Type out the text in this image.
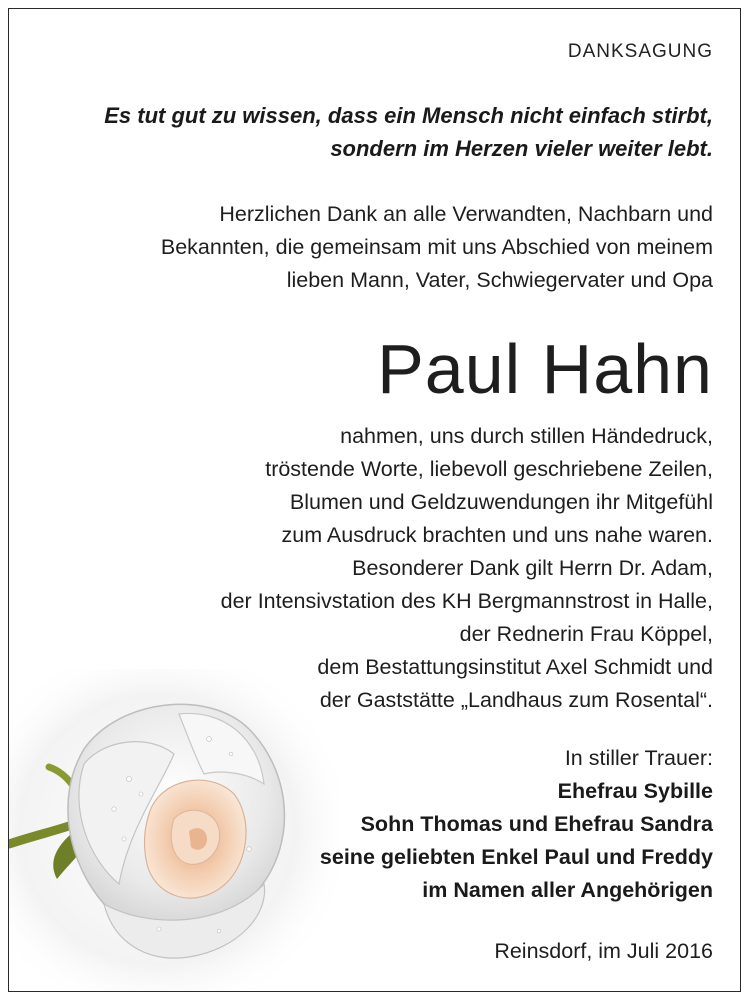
DANKSAGUNG
Es tut gut zu wissen, dass ein Mensch nicht einfach stirbt,
sondern im Herzen vieler weiter lebt.
Herzlichen Dank an alle Verwandten, Nachbarn und
Bekannten, die gemeinsam mit uns Abschied von meinem
lieben Mann, Vater, Schwiegervater und Opa
Paul Hahn
nahmen, uns durch stillen Händedruck,
tröstende Worte, liebevoll geschriebene Zeilen,
Blumen und Geldzuwendungen ihr Mitgefühl
zum Ausdruck brachten und uns nahe waren.
Besonderer Dank gilt Herrn Dr. Adam,
der Intensivstation des KH Bergmannstrost in Halle,
der Rednerin Frau Köppel,
dem Bestattungsinstitut Axel Schmidt und
der Gaststätte „Landhaus zum Rosental“.
In stiller Trauer:
Ehefrau Sybille
Sohn Thomas und Ehefrau Sandra
seine geliebten Enkel Paul und Freddy
im Namen aller Angehörigen
Reinsdorf, im Juli 2016
